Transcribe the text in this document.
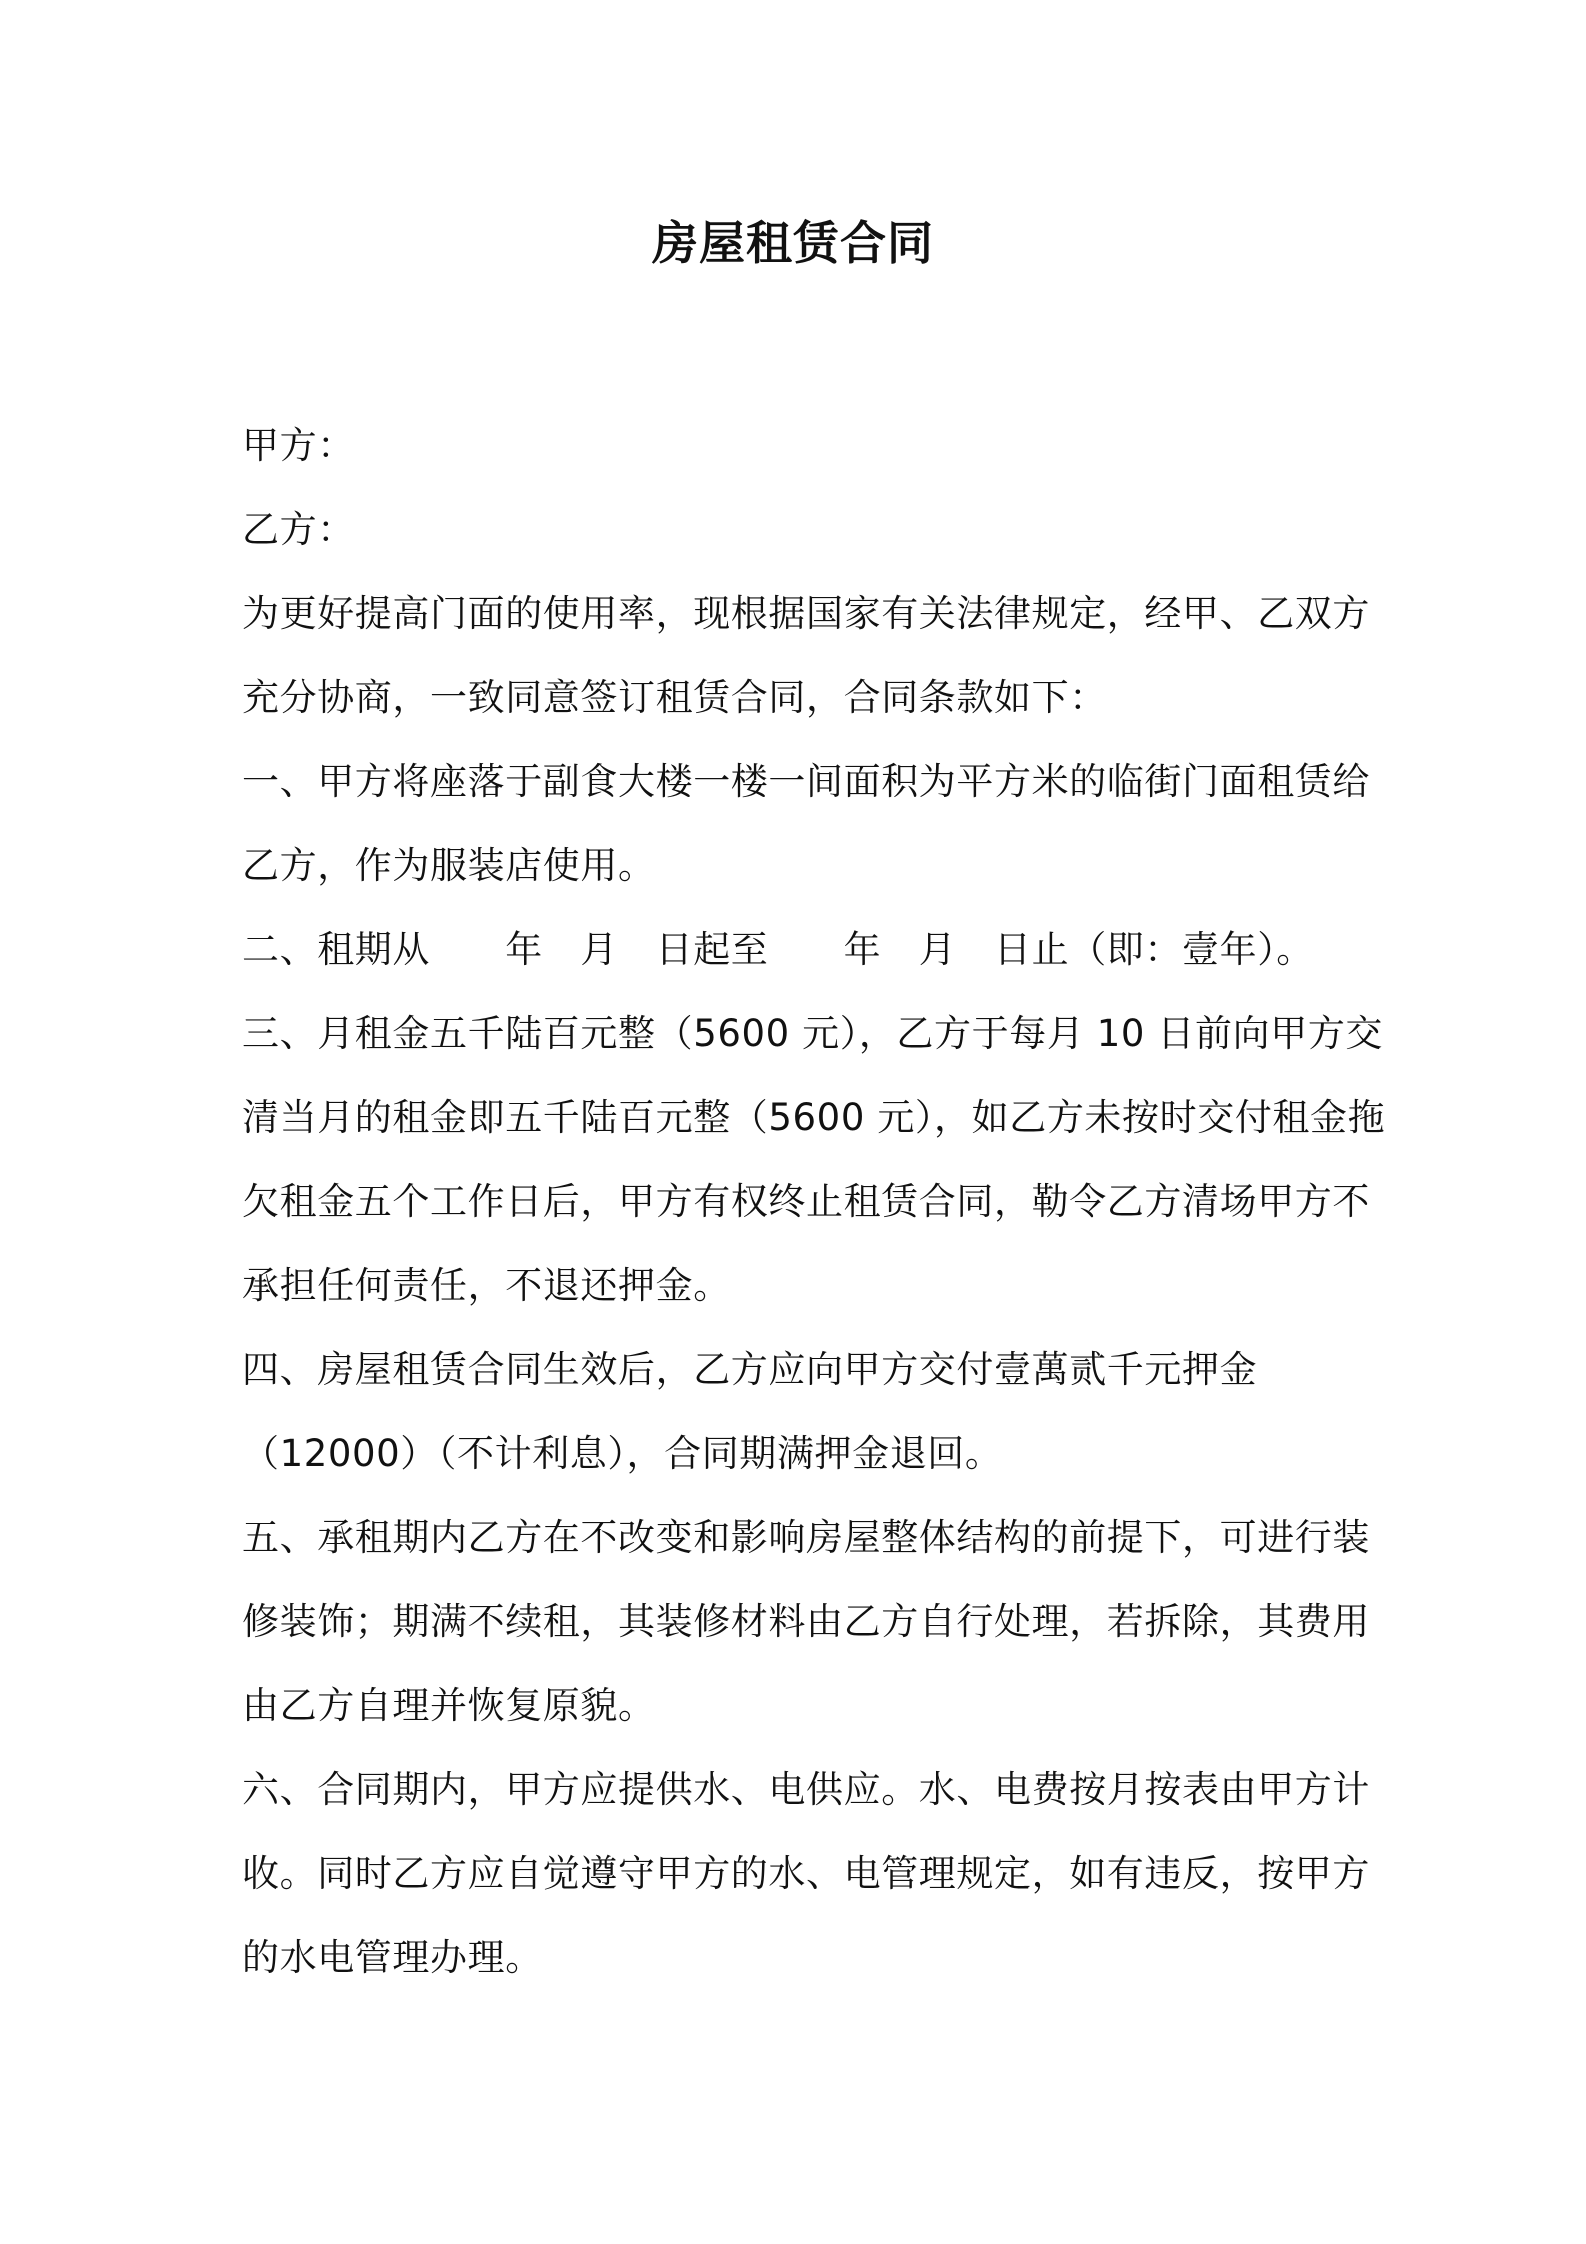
房屋租赁合同
甲方：
乙方：
为更好提高门面的使用率，现根据国家有关法律规定，经甲、乙双方
充分协商，一致同意签订租赁合同，合同条款如下：
一、甲方将座落于副食大楼一楼一间面积为平方米的临街门面租赁给
乙方，作为服装店使用。
二、租期从　　年　月　日起至　　年　月　日止（即：壹年）。
三、月租金五千陆百元整（5600 元），乙方于每月 10 日前向甲方交
清当月的租金即五千陆百元整（5600 元），如乙方未按时交付租金拖
欠租金五个工作日后，甲方有权终止租赁合同，勒令乙方清场甲方不
承担任何责任，不退还押金。
四、房屋租赁合同生效后，乙方应向甲方交付壹萬贰千元押金
（12000）（不计利息），合同期满押金退回。
五、承租期内乙方在不改变和影响房屋整体结构的前提下，可进行装
修装饰；期满不续租，其装修材料由乙方自行处理，若拆除，其费用
由乙方自理并恢复原貌。
六、合同期内，甲方应提供水、电供应。水、电费按月按表由甲方计
收。同时乙方应自觉遵守甲方的水、电管理规定，如有违反，按甲方
的水电管理办理。
